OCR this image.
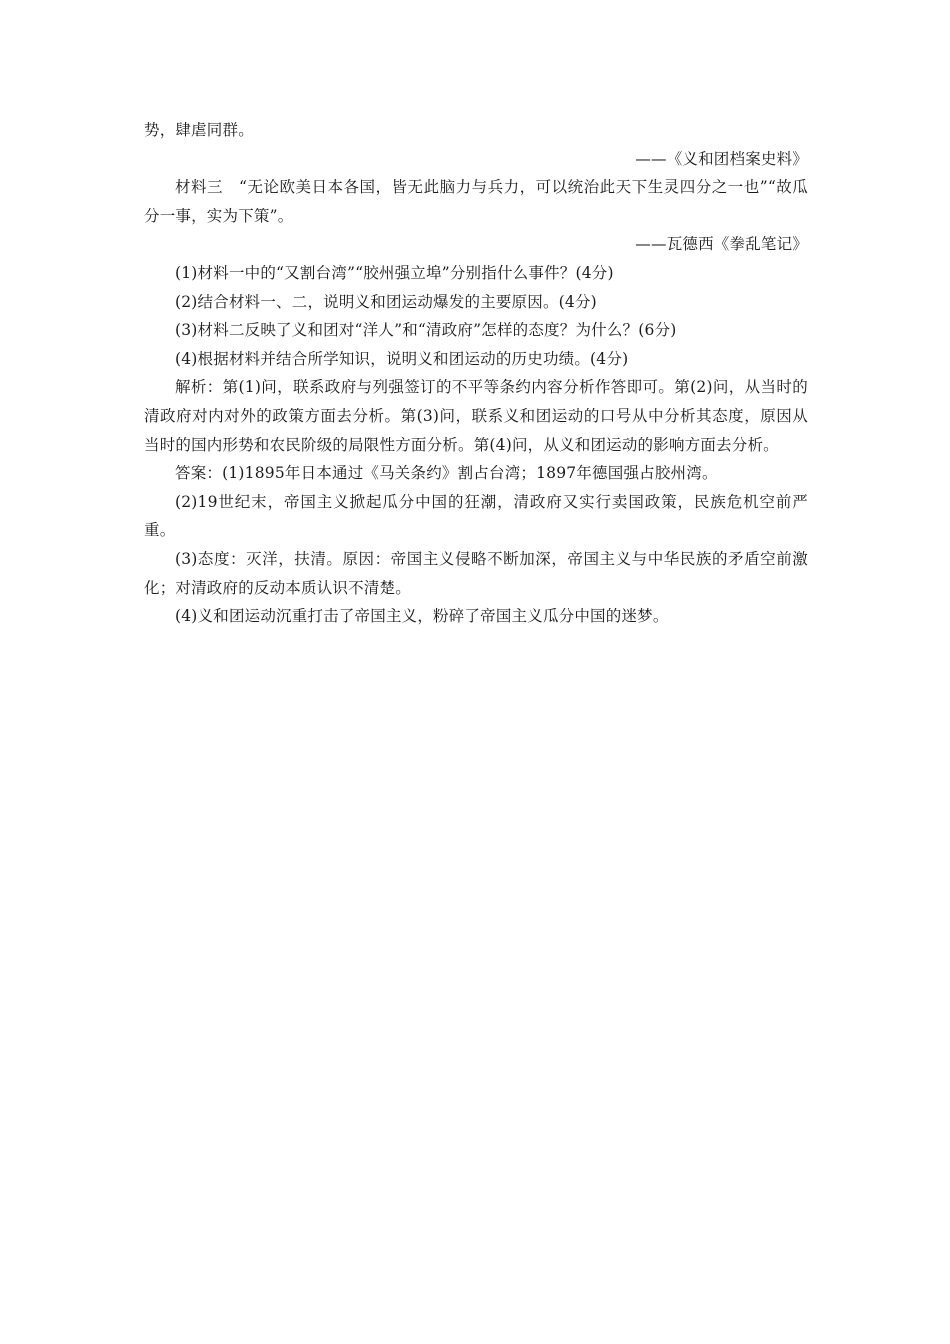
势，肆虐同群。
——《义和团档案史料》
材料三　 “无论欧美日本各国，皆无此脑力与兵力，可以统治此天下生灵四分之一也”“故瓜分一事，实为下策”。
——瓦德西《拳乱笔记》
(1)材料一中的“又割台湾”“胶州强立埠”分别指什么事件？(4分)
(2)结合材料一、二，说明义和团运动爆发的主要原因。(4分)
(3)材料二反映了义和团对“洋人”和“清政府”怎样的态度？为什么？(6分)
(4)根据材料并结合所学知识，说明义和团运动的历史功绩。(4分)
解析：第(1)问，联系政府与列强签订的不平等条约内容分析作答即可。第(2)问，从当时的清政府对内对外的政策方面去分析。第(3)问，联系义和团运动的口号从中分析其态度，原因从当时的国内形势和农民阶级的局限性方面分析。第(4)问，从义和团运动的影响方面去分析。
答案：(1)1895年日本通过《马关条约》割占台湾；1897年德国强占胶州湾。
(2)19世纪末，帝国主义掀起瓜分中国的狂潮，清政府又实行卖国政策，民族危机空前严重。
(3)态度：灭洋，扶清。原因：帝国主义侵略不断加深，帝国主义与中华民族的矛盾空前激化；对清政府的反动本质认识不清楚。
(4)义和团运动沉重打击了帝国主义，粉碎了帝国主义瓜分中国的迷梦。
